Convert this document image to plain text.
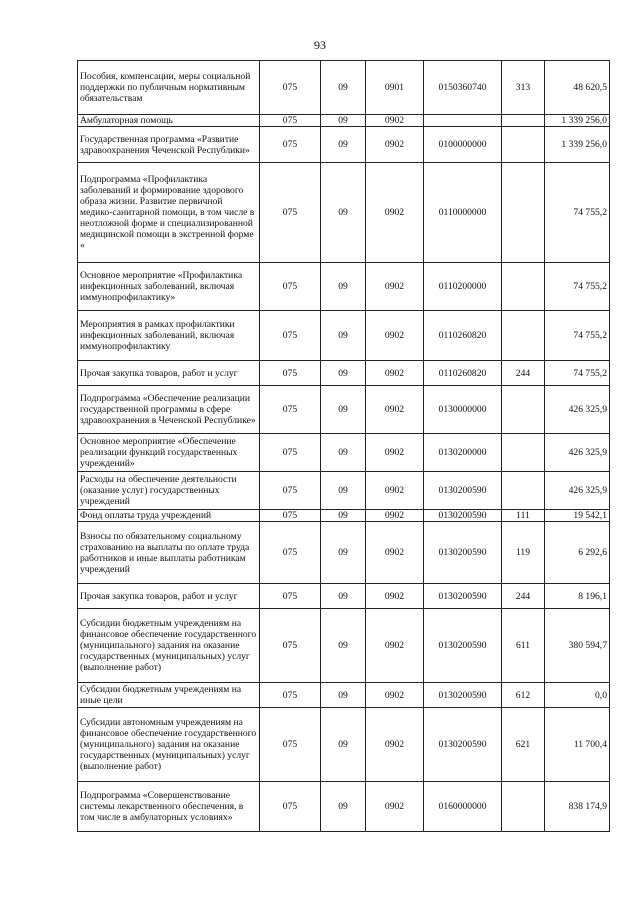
93
Пособия, компенсации, меры социальной поддержки по публичным нормативным обязательствам	075	09	0901	0150360740	313	48 620,5
Амбулаторная помощь	075	09	0902			1 339 256,0
Государственная программа «Развитие здравоохранения Чеченской Республики»	075	09	0902	0100000000		1 339 256,0
Подпрограмма «Профилактика заболеваний и формирование здорового образа жизни. Развитие первичной медико-санитарной помощи, в том числе в неотложной форме и специализированной медицинской помощи в экстренной форме «	075	09	0902	0110000000		74 755,2
Основное мероприятие «Профилактика инфекционных заболеваний, включая иммунопрофилактику»	075	09	0902	0110200000		74 755,2
Мероприятия в рамках профилактики инфекционных заболеваний, включая иммунопрофилактику	075	09	0902	0110260820		74 755,2
Прочая закупка товаров, работ и услуг	075	09	0902	0110260820	244	74 755,2
Подпрограмма «Обеспечение реализации государственной программы в сфере здравоохранения в Чеченской Республике»	075	09	0902	0130000000		426 325,9
Основное мероприятие «Обеспечение реализации функций государственных учреждений»	075	09	0902	0130200000		426 325,9
Расходы на обеспечение деятельности (оказание услуг) государственных учреждений	075	09	0902	0130200590		426 325,9
Фонд оплаты труда учреждений	075	09	0902	0130200590	111	19 542,1
Взносы по обязательному социальному страхованию на выплаты по оплате труда работников и иные выплаты работникам учреждений	075	09	0902	0130200590	119	6 292,6
Прочая закупка товаров, работ и услуг	075	09	0902	0130200590	244	8 196,1
Субсидии бюджетным учреждениям на финансовое обеспечение государственного (муниципального) задания на оказание государственных (муниципальных) услуг (выполнение работ)	075	09	0902	0130200590	611	380 594,7
Субсидии бюджетным учреждениям на иные цели	075	09	0902	0130200590	612	0,0
Субсидии автономным учреждениям на финансовое обеспечение государственного (муниципального) задания на оказание государственных (муниципальных) услуг (выполнение работ)	075	09	0902	0130200590	621	11 700,4
Подпрограмма «Совершенствование системы лекарственного обеспечения, в том числе в амбулаторных условиях»	075	09	0902	0160000000		838 174,9
